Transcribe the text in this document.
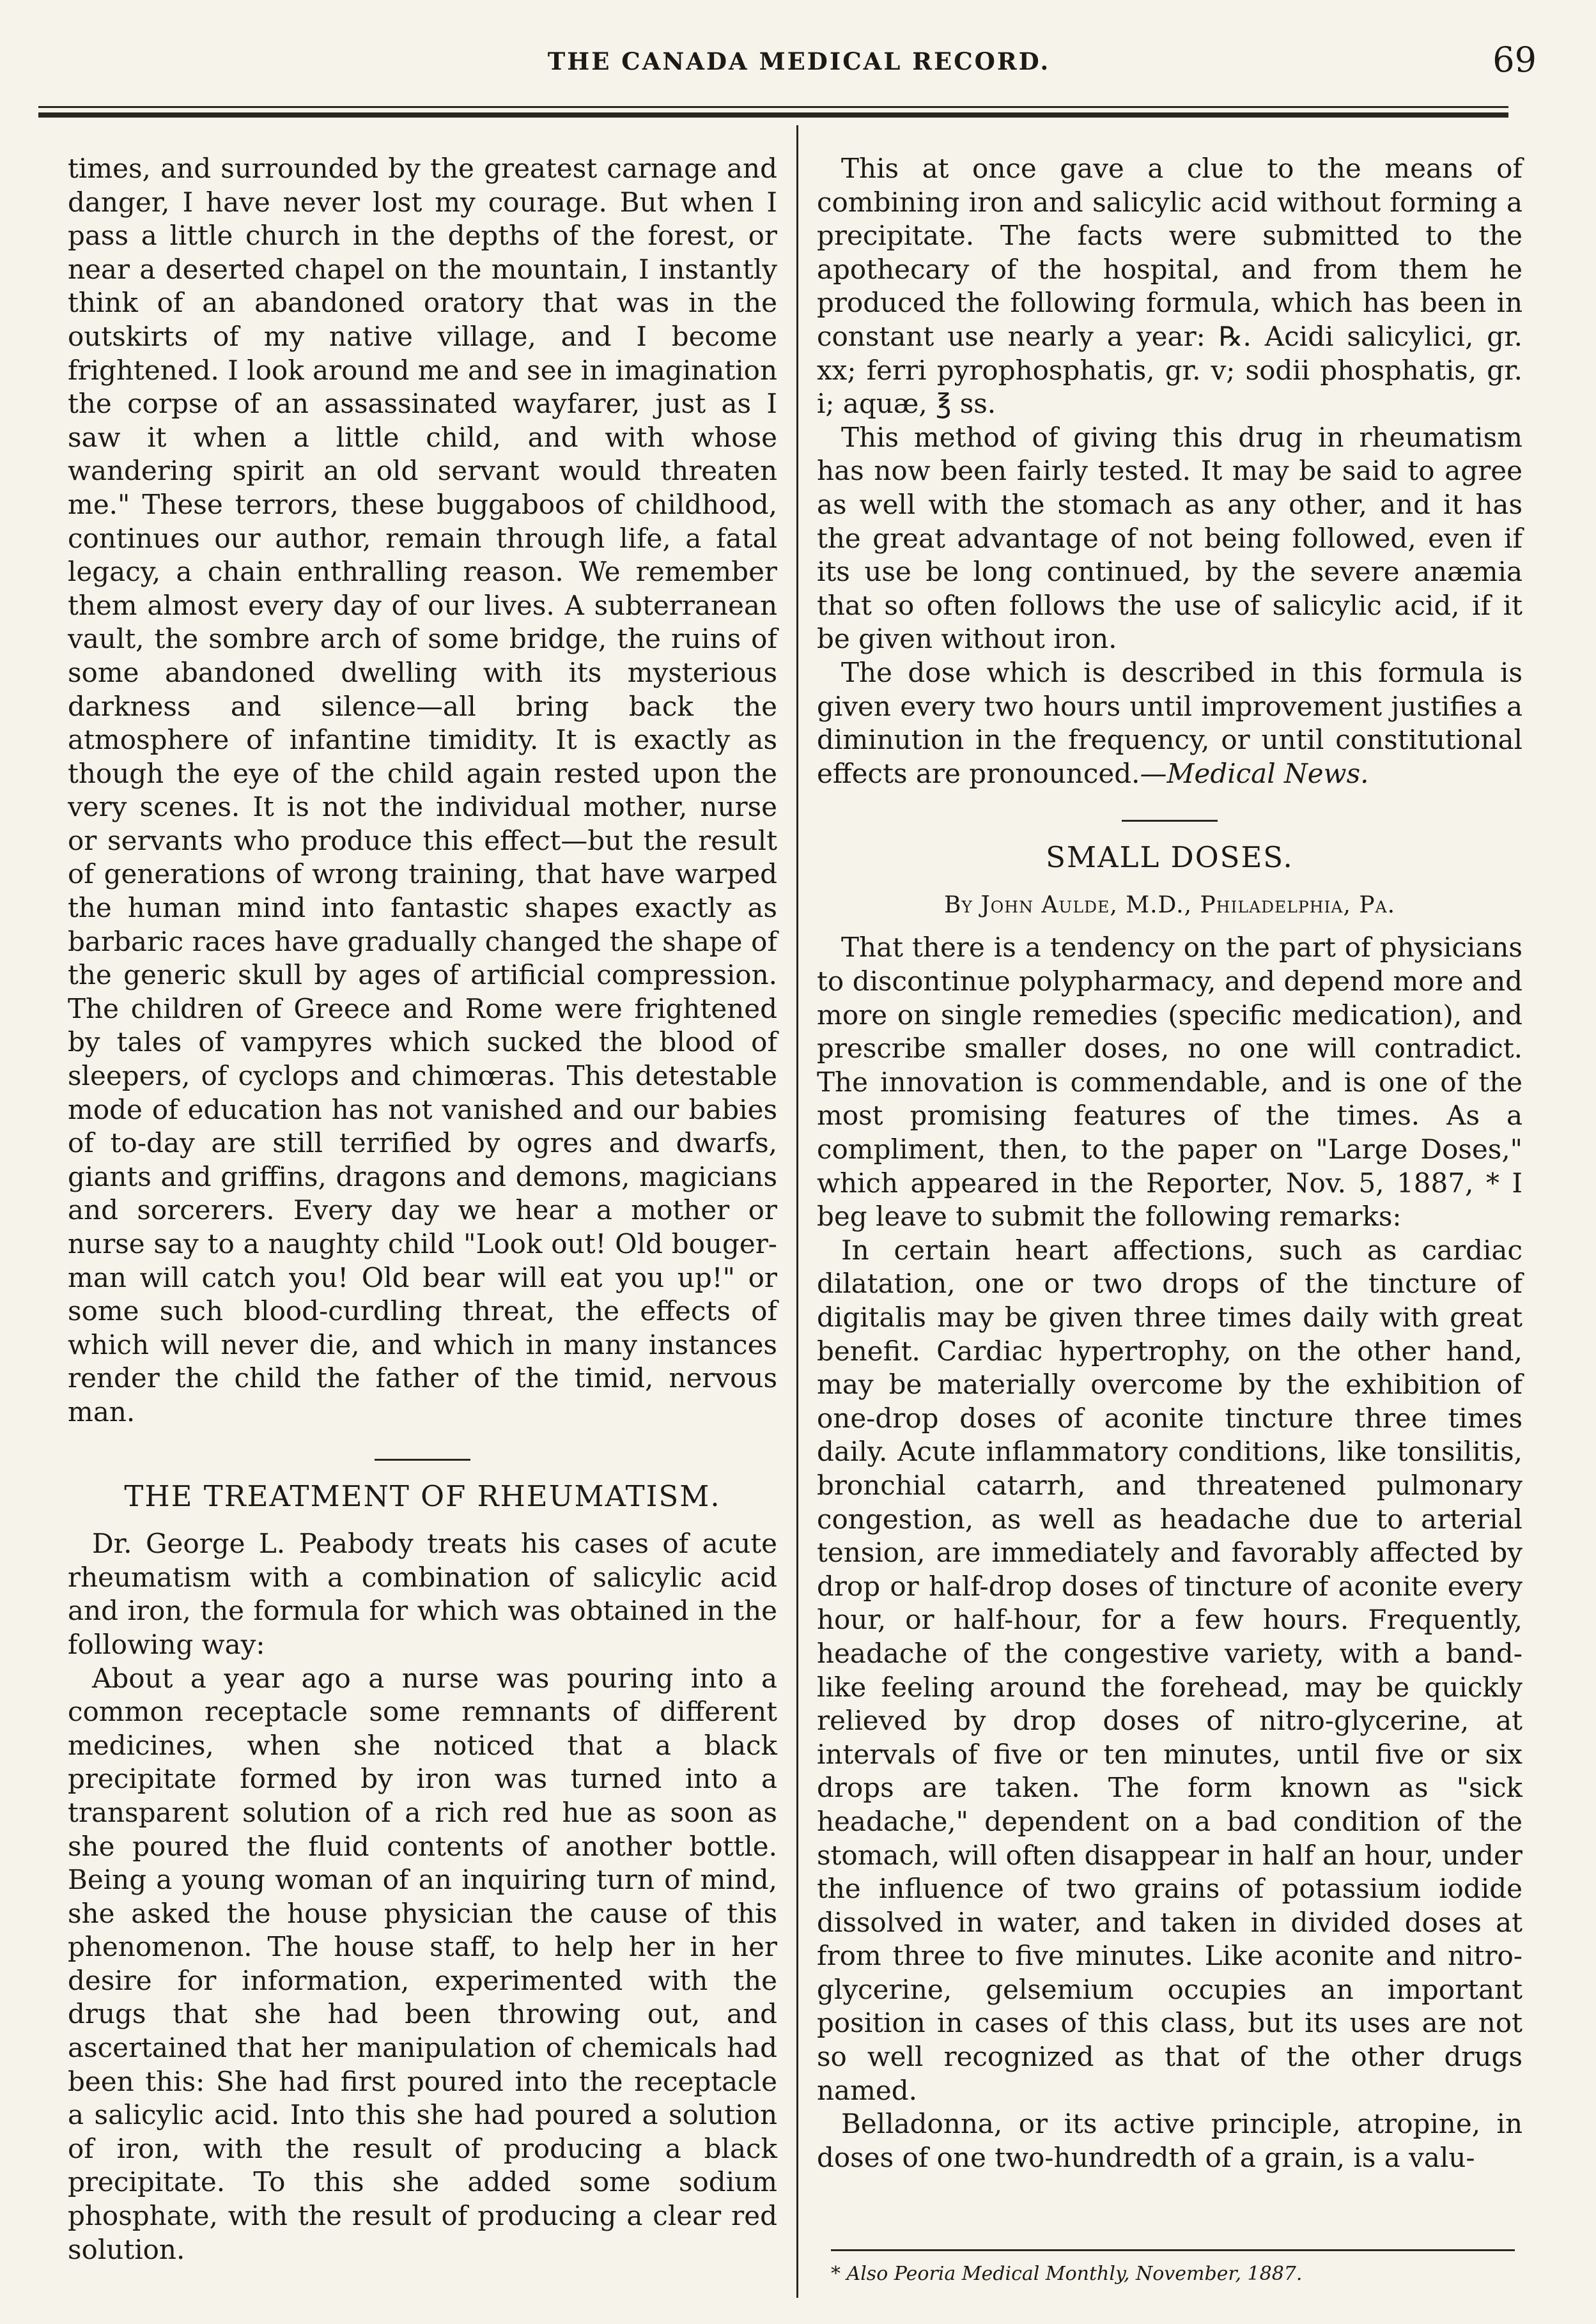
THE CANADA MEDICAL RECORD.	69

times, and surrounded by the greatest carnage and danger, I have never lost my courage. But when I pass a little church in the depths of the forest, or near a deserted chapel on the mountain, I instantly think of an abandoned oratory that was in the outskirts of my native village, and I become frightened. I look around me and see in imagination the corpse of an assassinated wayfarer, just as I saw it when a little child, and with whose wandering spirit an old servant would threaten me." These terrors, these buggaboos of childhood, continues our author, remain through life, a fatal legacy, a chain enthralling reason. We remember them almost every day of our lives. A subterranean vault, the sombre arch of some bridge, the ruins of some abandoned dwelling with its mysterious darkness and silence—all bring back the atmosphere of infantine timidity. It is exactly as though the eye of the child again rested upon the very scenes. It is not the individual mother, nurse or servants who produce this effect—but the result of generations of wrong training, that have warped the human mind into fantastic shapes exactly as barbaric races have gradually changed the shape of the generic skull by ages of artificial compression. The children of Greece and Rome were frightened by tales of vampyres which sucked the blood of sleepers, of cyclops and chimœras. This detestable mode of education has not vanished and our babies of to-day are still terrified by ogres and dwarfs, giants and griffins, dragons and demons, magicians and sorcerers. Every day we hear a mother or nurse say to a naughty child "Look out! Old bouger-man will catch you! Old bear will eat you up!" or some such blood-curdling threat, the effects of which will never die, and which in many instances render the child the father of the timid, nervous man.

THE TREATMENT OF RHEUMATISM.

Dr. George L. Peabody treats his cases of acute rheumatism with a combination of salicylic acid and iron, the formula for which was obtained in the following way:

About a year ago a nurse was pouring into a common receptacle some remnants of different medicines, when she noticed that a black precipitate formed by iron was turned into a transparent solution of a rich red hue as soon as she poured the fluid contents of another bottle. Being a young woman of an inquiring turn of mind, she asked the house physician the cause of this phenomenon. The house staff, to help her in her desire for information, experimented with the drugs that she had been throwing out, and ascertained that her manipulation of chemicals had been this: She had first poured into the receptacle a salicylic acid. Into this she had poured a solution of iron, with the result of producing a black precipitate. To this she added some sodium phosphate, with the result of producing a clear red solution.

This at once gave a clue to the means of combining iron and salicylic acid without forming a precipitate. The facts were submitted to the apothecary of the hospital, and from them he produced the following formula, which has been in constant use nearly a year: ℞. Acidi salicylici, gr. xx; ferri pyrophosphatis, gr. v; sodii phosphatis, gr. i; aquæ, ℥ ss.

This method of giving this drug in rheumatism has now been fairly tested. It may be said to agree as well with the stomach as any other, and it has the great advantage of not being followed, even if its use be long continued, by the severe anæmia that so often follows the use of salicylic acid, if it be given without iron.

The dose which is described in this formula is given every two hours until improvement justifies a diminution in the frequency, or until constitutional effects are pronounced.—Medical News.

SMALL DOSES.
By John Aulde, M.D., Philadelphia, Pa.

That there is a tendency on the part of physicians to discontinue polypharmacy, and depend more and more on single remedies (specific medication), and prescribe smaller doses, no one will contradict. The innovation is commendable, and is one of the most promising features of the times. As a compliment, then, to the paper on "Large Doses," which appeared in the Reporter, Nov. 5, 1887, * I beg leave to submit the following remarks:

In certain heart affections, such as cardiac dilatation, one or two drops of the tincture of digitalis may be given three times daily with great benefit. Cardiac hypertrophy, on the other hand, may be materially overcome by the exhibition of one-drop doses of aconite tincture three times daily. Acute inflammatory conditions, like tonsilitis, bronchial catarrh, and threatened pulmonary congestion, as well as headache due to arterial tension, are immediately and favorably affected by drop or half-drop doses of tincture of aconite every hour, or half-hour, for a few hours. Frequently, headache of the congestive variety, with a band-like feeling around the forehead, may be quickly relieved by drop doses of nitro-glycerine, at intervals of five or ten minutes, until five or six drops are taken. The form known as "sick headache," dependent on a bad condition of the stomach, will often disappear in half an hour, under the influence of two grains of potassium iodide dissolved in water, and taken in divided doses at from three to five minutes. Like aconite and nitro-glycerine, gelsemium occupies an important position in cases of this class, but its uses are not so well recognized as that of the other drugs named.

Belladonna, or its active principle, atropine, in doses of one two-hundredth of a grain, is a valu-

* Also Peoria Medical Monthly, November, 1887.
